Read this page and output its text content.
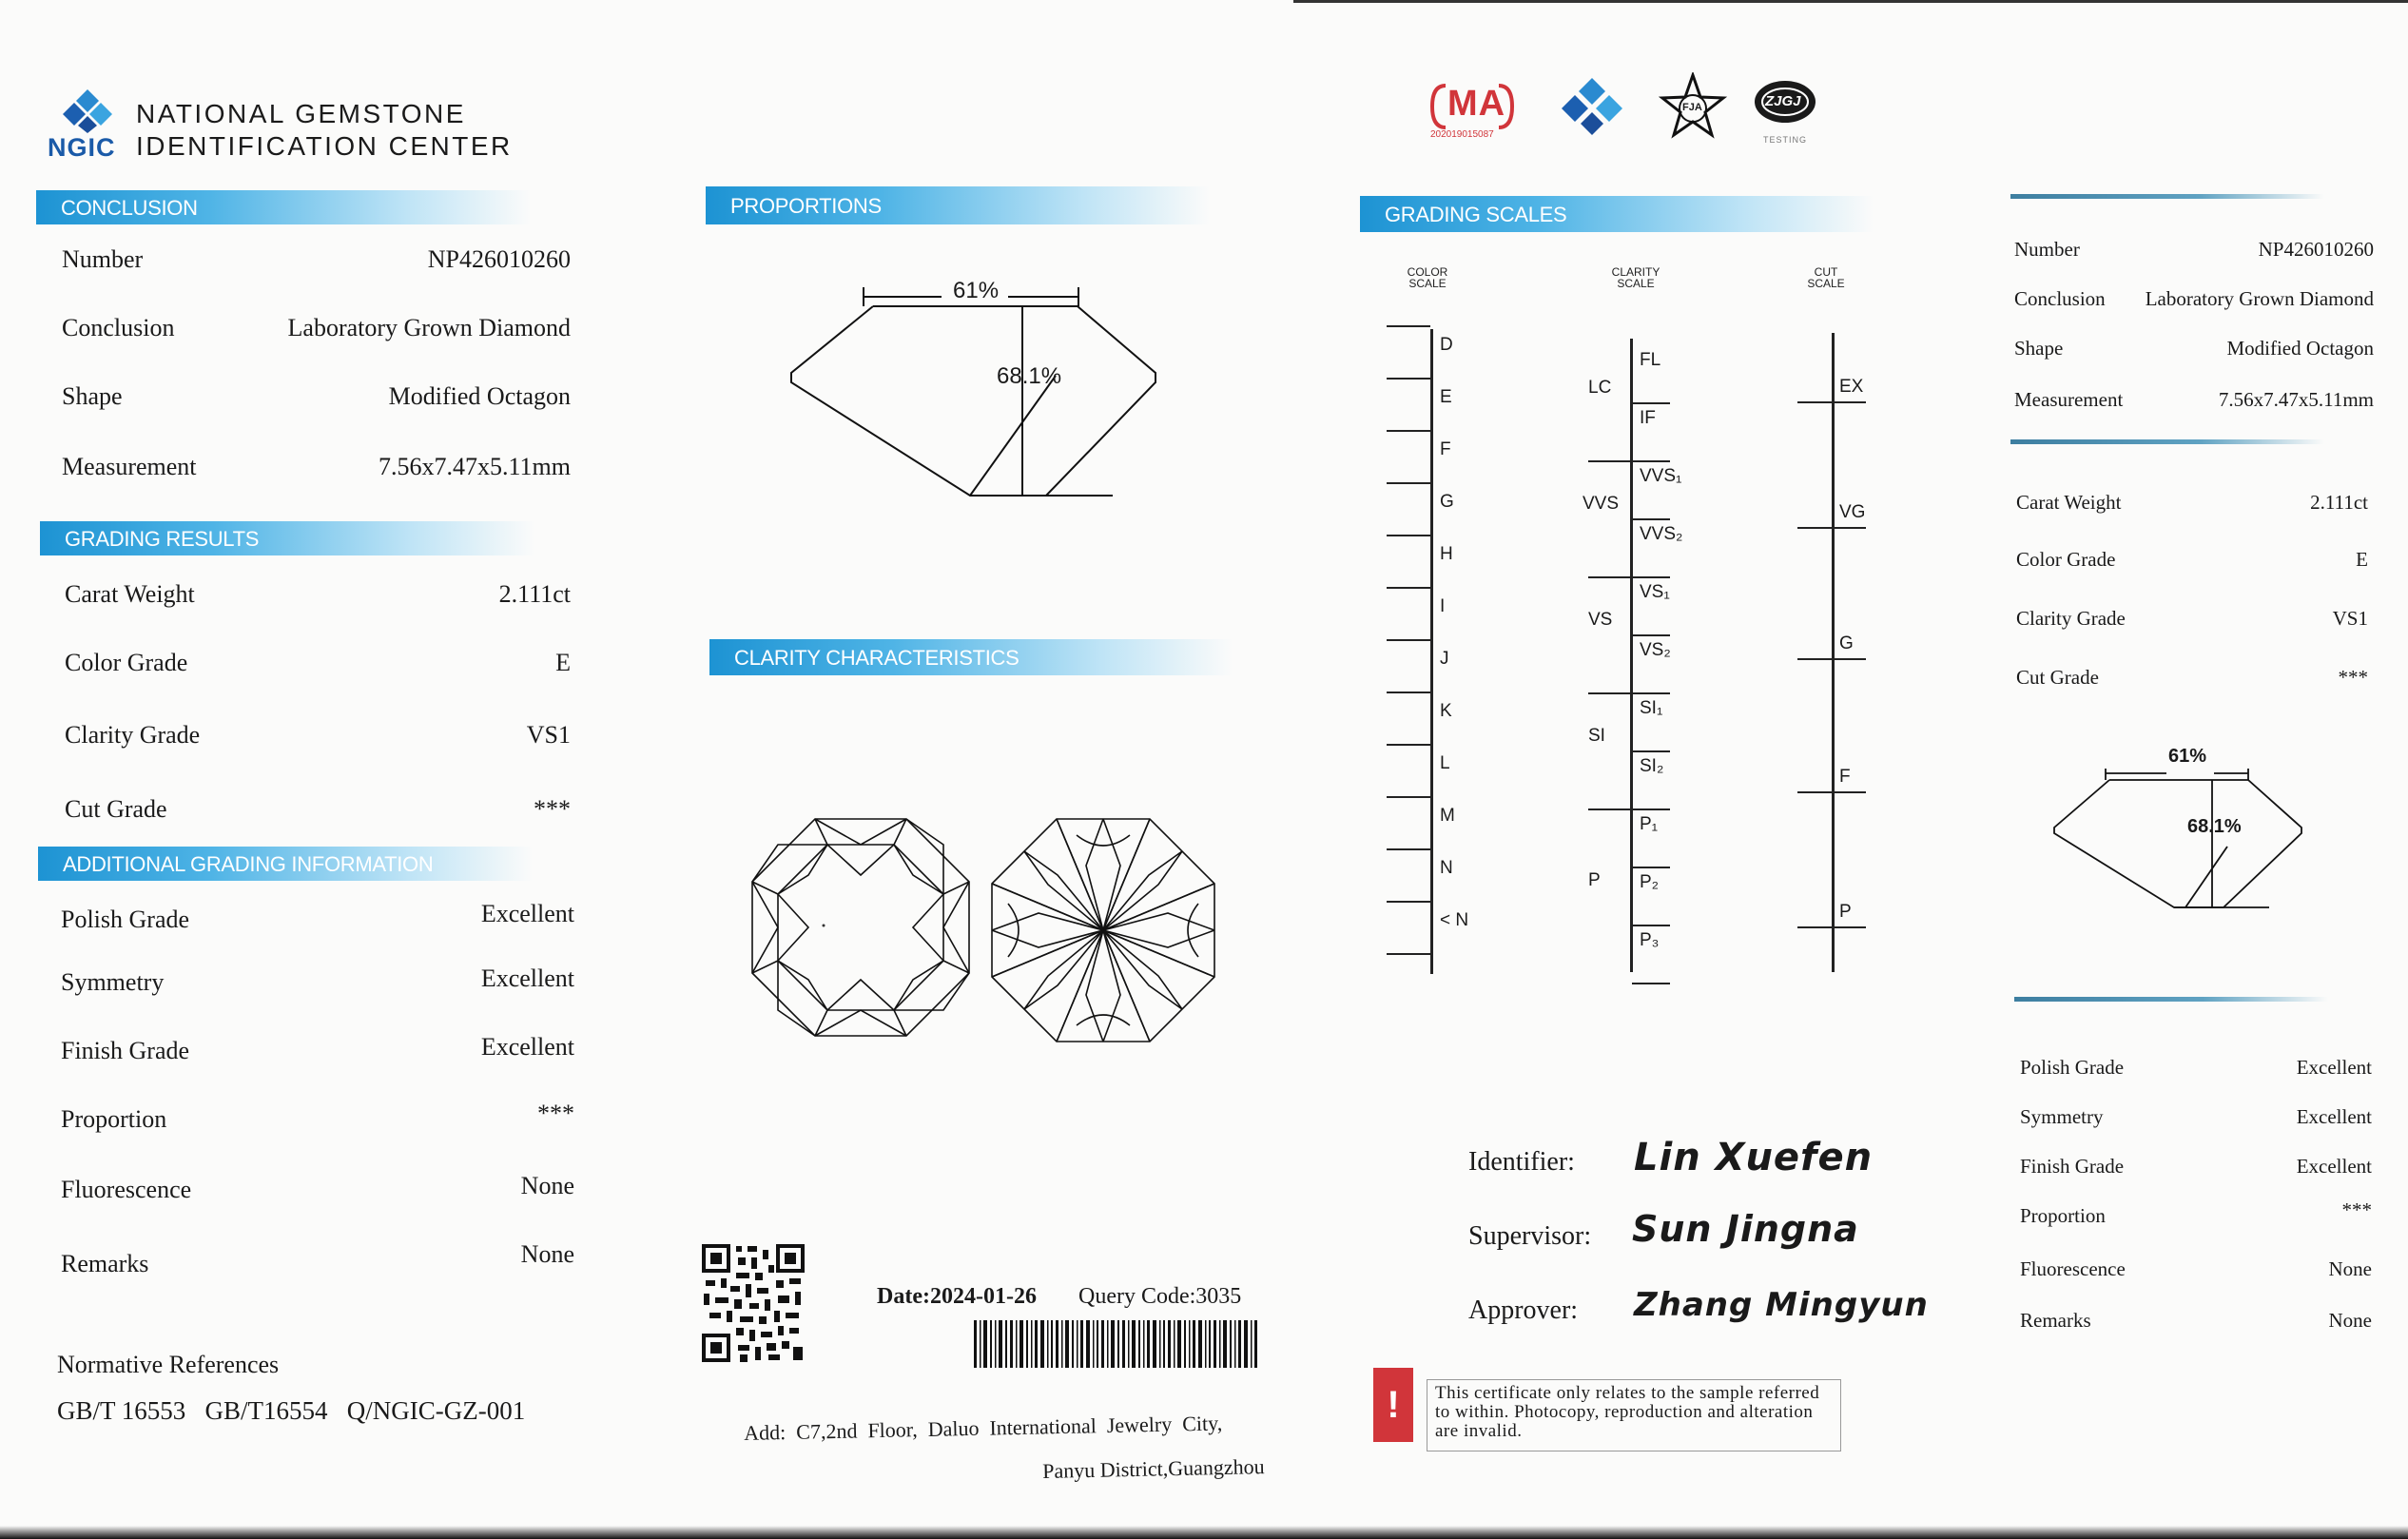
NGIC
NATIONAL GEMSTONE
IDENTIFICATION CENTER
CONCLUSION
Number	NP426010260
Conclusion	Laboratory Grown Diamond
Shape	Modified Octagon
Measurement	7.56x7.47x5.11mm
GRADING RESULTS
Carat Weight	2.111ct
Color Grade	E
Clarity Grade	VS1
Cut Grade	***
ADDITIONAL GRADING INFORMATION
Polish Grade	Excellent
Symmetry	Excellent
Finish Grade	Excellent
Proportion	***
Fluorescence	None
Remarks	None
Normative References
GB/T 16553   GB/T16554   Q/NGIC-GZ-001
PROPORTIONS
61%
68.1%
CLARITY CHARACTERISTICS
Date:2024-01-26 Query Code:3035
Add:  C7,2nd  Floor,  Daluo  International  Jewelry  City,
Panyu District,Guangzhou
MA
202019015087
FJA	ZJGJ
TESTING
GRADING SCALES
COLOR
SCALE
D
E
F
G
H
I
J
K
L
M
N
< N
CLARITY
SCALE
FL
IF
VVS₁
VVS₂
VS₁
VS₂
SI₁
SI₂
P₁
P₂
P₃
LC
VVS
VS
SI
P
CUT
SCALE
EX
VG
G
F
P
Identifier: Lin Xuefen
Supervisor: Sun Jingna
Approver: Zhang Mingyun
!	This certificate only relates to the sample referred to within. Photocopy, reproduction and alteration are invalid.
Number	NP426010260
Conclusion Laboratory Grown Diamond
Shape	Modified Octagon
Measurement	7.56x7.47x5.11mm
Carat Weight	2.111ct
Color Grade	E
Clarity Grade	VS1
Cut Grade	***
61%
68.1%
Polish Grade	Excellent
Symmetry	Excellent
Finish Grade	Excellent
Proportion	***
Fluorescence	None
Remarks	None
